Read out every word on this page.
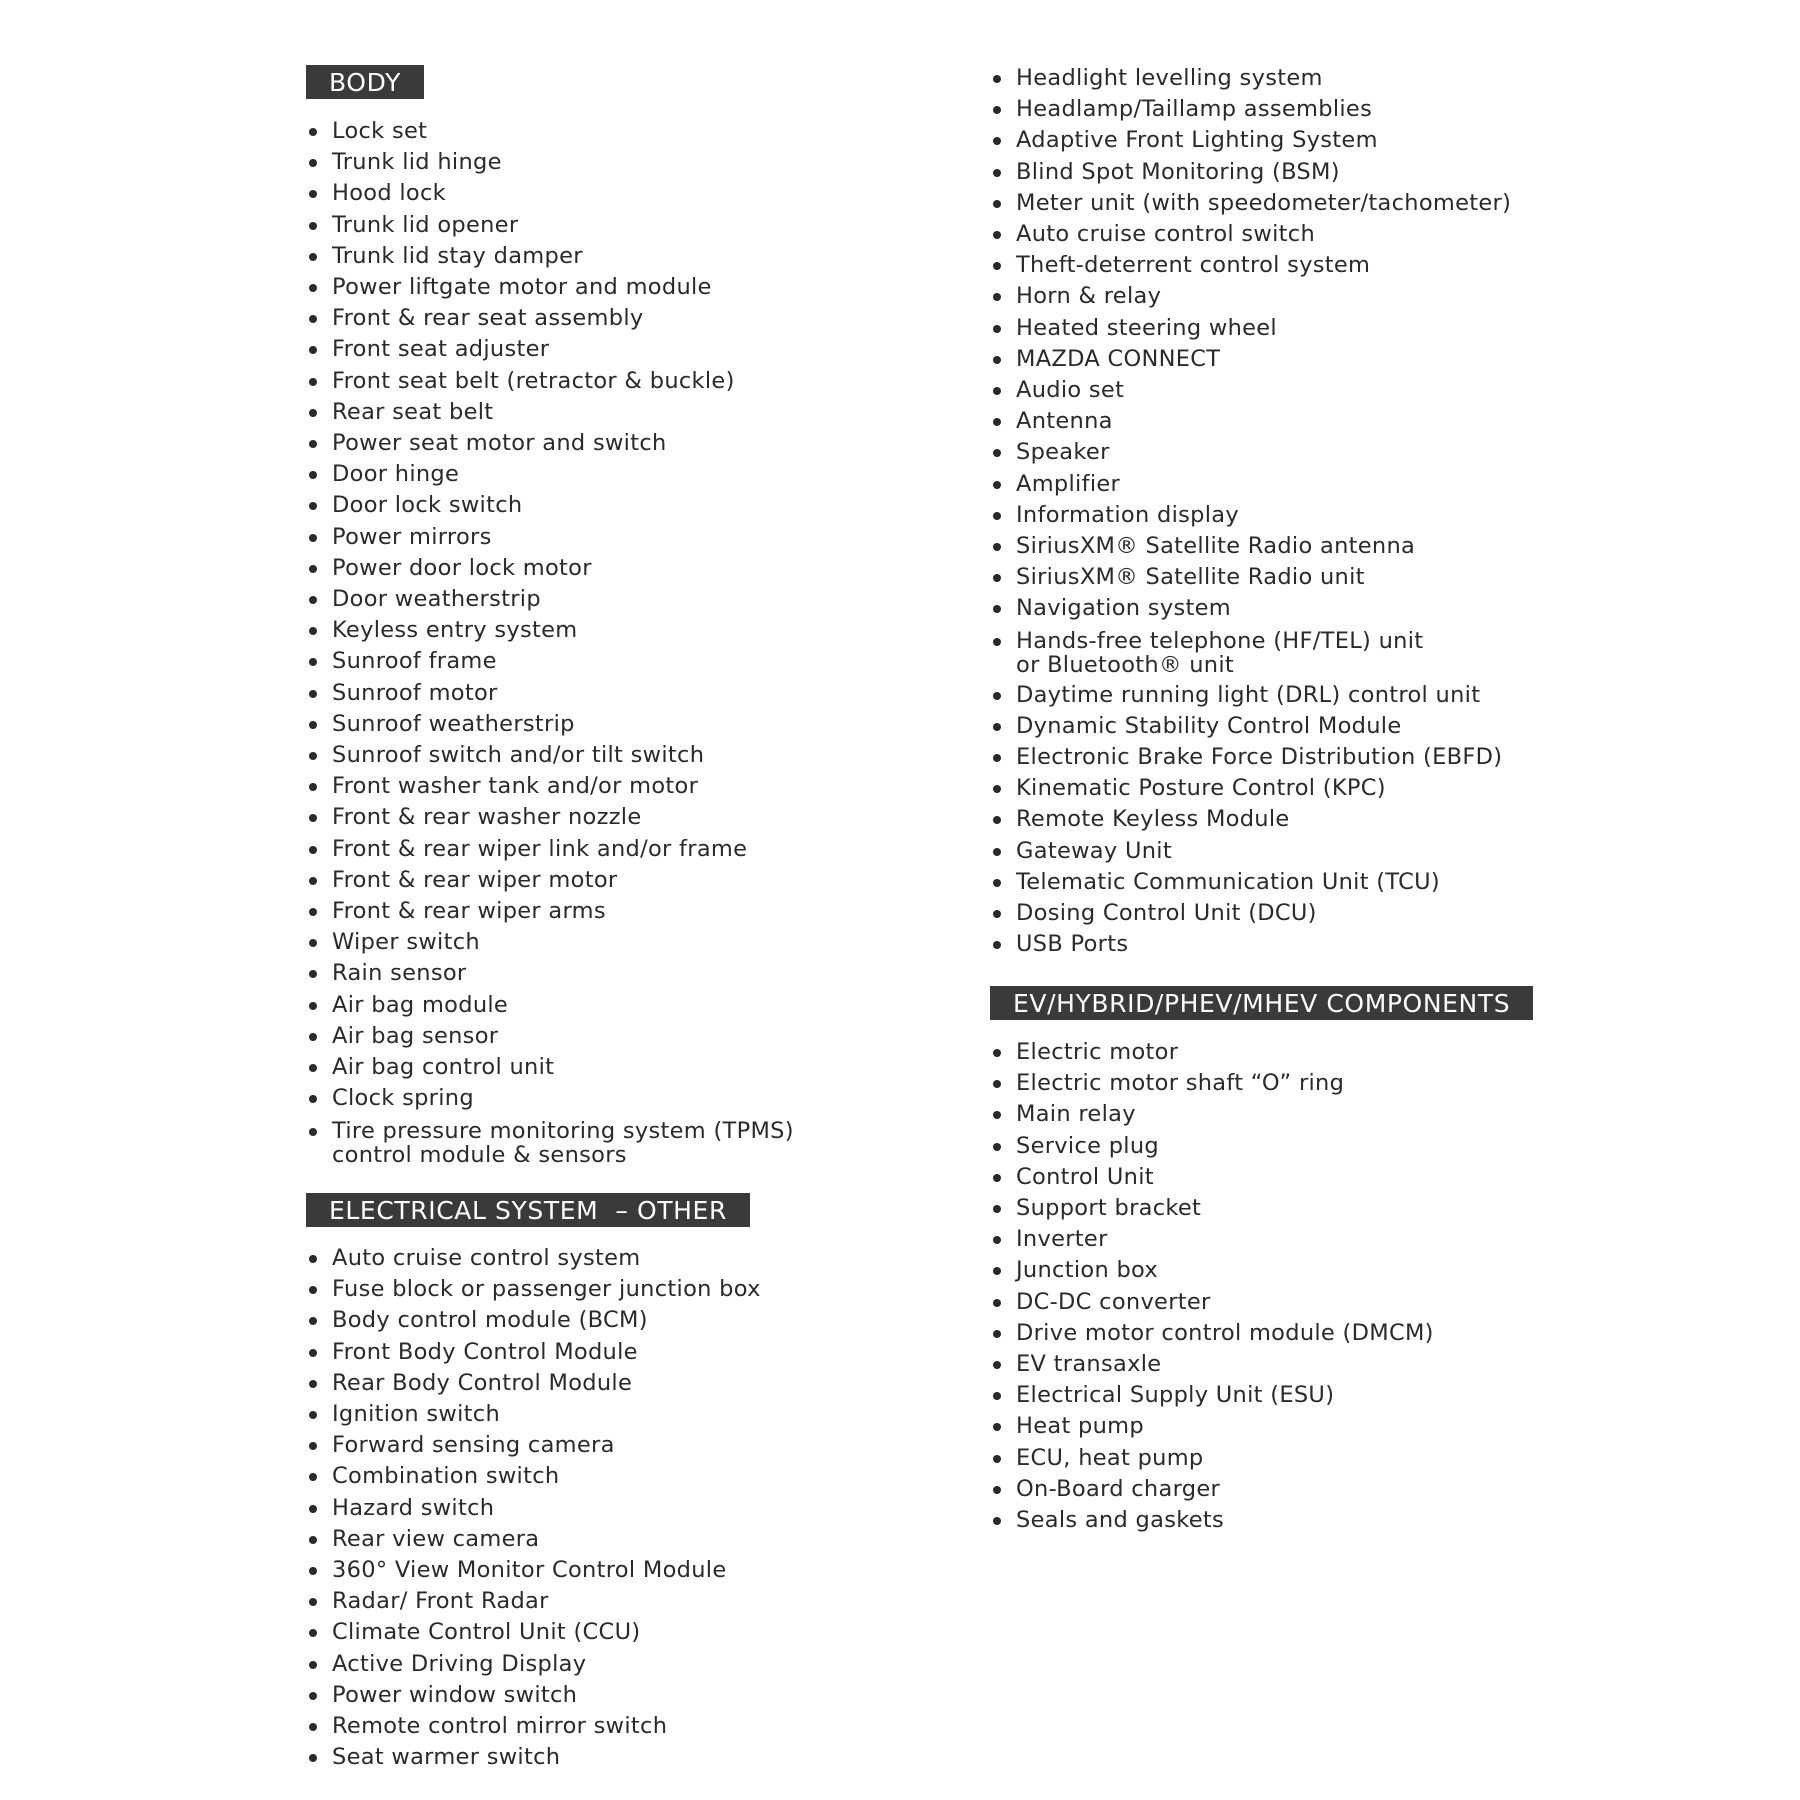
BODY
Lock set
Trunk lid hinge
Hood lock
Trunk lid opener
Trunk lid stay damper
Power liftgate motor and module
Front & rear seat assembly
Front seat adjuster
Front seat belt (retractor & buckle)
Rear seat belt
Power seat motor and switch
Door hinge
Door lock switch
Power mirrors
Power door lock motor
Door weatherstrip
Keyless entry system
Sunroof frame
Sunroof motor
Sunroof weatherstrip
Sunroof switch and/or tilt switch
Front washer tank and/or motor
Front & rear washer nozzle
Front & rear wiper link and/or frame
Front & rear wiper motor
Front & rear wiper arms
Wiper switch
Rain sensor
Air bag module
Air bag sensor
Air bag control unit
Clock spring
Tire pressure monitoring system (TPMS)
control module & sensors
ELECTRICAL SYSTEM  – OTHER
Auto cruise control system
Fuse block or passenger junction box
Body control module (BCM)
Front Body Control Module
Rear Body Control Module
Ignition switch
Forward sensing camera
Combination switch
Hazard switch
Rear view camera
360° View Monitor Control Module
Radar/ Front Radar
Climate Control Unit (CCU)
Active Driving Display
Power window switch
Remote control mirror switch
Seat warmer switch
Headlight levelling system
Headlamp/Taillamp assemblies
Adaptive Front Lighting System
Blind Spot Monitoring (BSM)
Meter unit (with speedometer/tachometer)
Auto cruise control switch
Theft-deterrent control system
Horn & relay
Heated steering wheel
MAZDA CONNECT
Audio set
Antenna
Speaker
Amplifier
Information display
SiriusXM® Satellite Radio antenna
SiriusXM® Satellite Radio unit
Navigation system
Hands-free telephone (HF/TEL) unit
or Bluetooth® unit
Daytime running light (DRL) control unit
Dynamic Stability Control Module
Electronic Brake Force Distribution (EBFD)
Kinematic Posture Control (KPC)
Remote Keyless Module
Gateway Unit
Telematic Communication Unit (TCU)
Dosing Control Unit (DCU)
USB Ports
EV/HYBRID/PHEV/MHEV COMPONENTS
Electric motor
Electric motor shaft “O” ring
Main relay
Service plug
Control Unit
Support bracket
Inverter
Junction box
DC-DC converter
Drive motor control module (DMCM)
EV transaxle
Electrical Supply Unit (ESU)
Heat pump
ECU, heat pump
On-Board charger
Seals and gaskets
